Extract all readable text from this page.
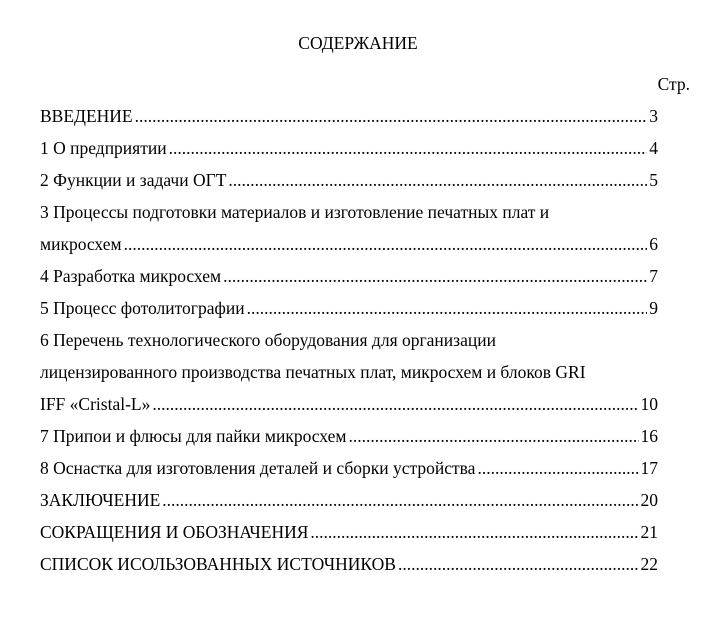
СОДЕРЖАНИЕ
Стр.
ВВЕДЕНИЕ .....	3
1 О предприятии .....	4
2 Функции и задачи ОГТ .....	5
3 Процессы подготовки материалов и изготовление печатных плат и
микросхем .....	6
4 Разработка микросхем .....	7
5 Процесс фотолитографии .....	9
6 Перечень технологического оборудования для организации
лицензированного производства печатных плат, микросхем и блоков GRI
IFF «Cristal-L» .....	10
7 Припои и флюсы для пайки микросхем .....	16
8 Оснастка для изготовления деталей и сборки устройства .....	17
ЗАКЛЮЧЕНИЕ .....	20
СОКРАЩЕНИЯ И ОБОЗНАЧЕНИЯ .....	21
СПИСОК ИСОЛЬЗОВАННЫХ ИСТОЧНИКОВ .....	22
